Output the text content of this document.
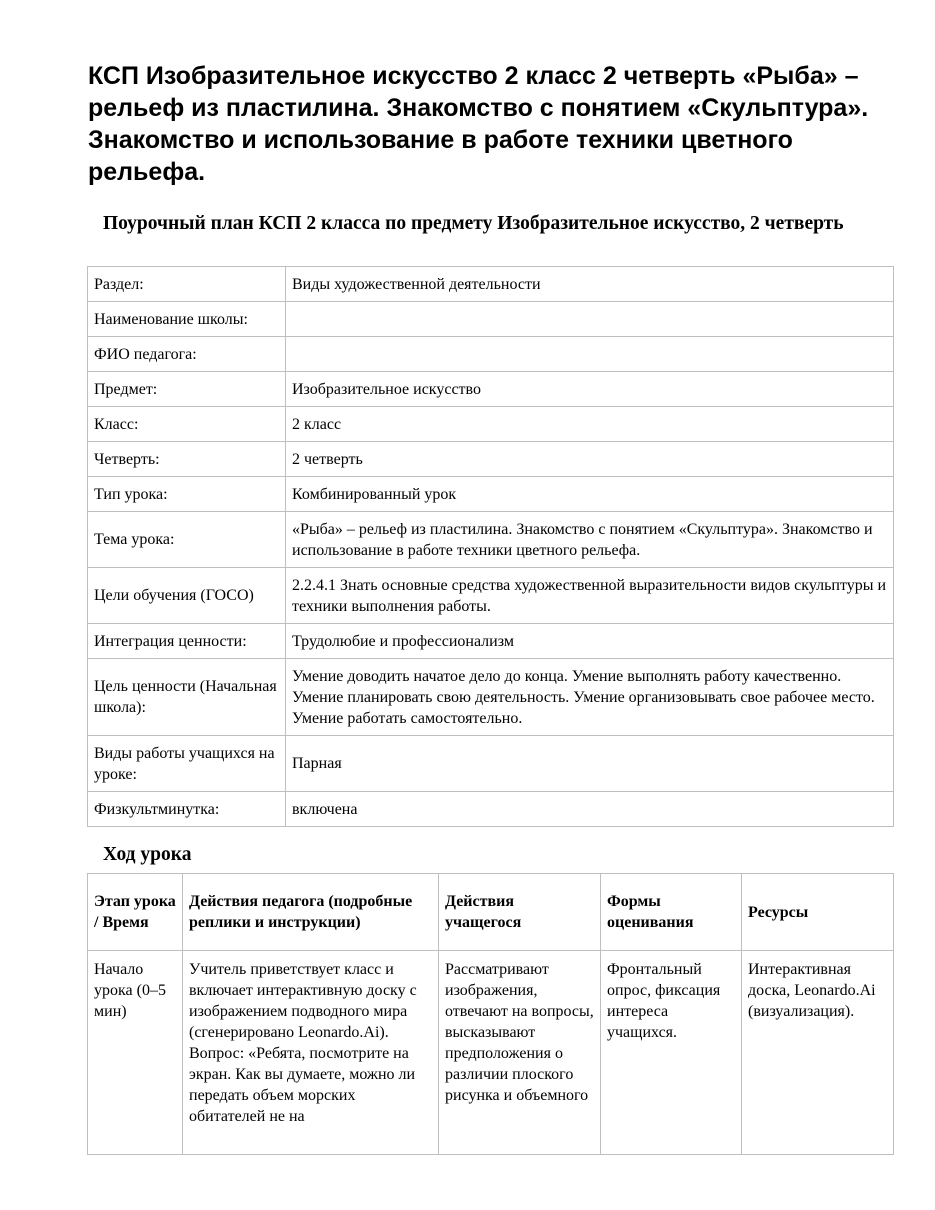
КСП Изобразительное искусство 2 класс 2 четверть «Рыба» – рельеф из пластилина. Знакомство с понятием «Скульптура». Знакомство и использование в работе техники цветного рельефа.
Поурочный план КСП 2 класса по предмету Изобразительное искусство, 2 четверть
Раздел:	Виды художественной деятельности
Наименование школы:	
ФИО педагога:	
Предмет:	Изобразительное искусство
Класс:	2 класс
Четверть:	2 четверть
Тип урока:	Комбинированный урок
Тема урока:	«Рыба» – рельеф из пластилина. Знакомство с понятием «Скульптура». Знакомство и использование в работе техники цветного рельефа.
Цели обучения (ГОСО)	2.2.4.1 Знать основные средства художественной выразительности видов скульптуры и техники выполнения работы.
Интеграция ценности:	Трудолюбие и профессионализм
Цель ценности (Начальная школа):	Умение доводить начатое дело до конца. Умение выполнять работу качественно. Умение планировать свою деятельность. Умение организовывать свое рабочее место. Умение работать самостоятельно.
Виды работы учащихся на уроке:	Парная
Физкультминутка:	включена
Ход урока
Этап урока / Время	Действия педагога (подробные реплики и инструкции)	Действия учащегося	Формы оценивания	Ресурсы

Начало урока (0–5 мин)	Учитель приветствует класс и включает интерактивную доску с изображением подводного мира (сгенерировано Leonardo.Ai). Вопрос: «Ребята, посмотрите на экран. Как вы думаете, можно ли передать объем морских обитателей не на	Рассматривают изображения, отвечают на вопросы, высказывают предположения о различии плоского рисунка и объемного	Фронтальный опрос, фиксация интереса учащихся.	Интерактивная доска, Leonardo.Ai (визуализация).
